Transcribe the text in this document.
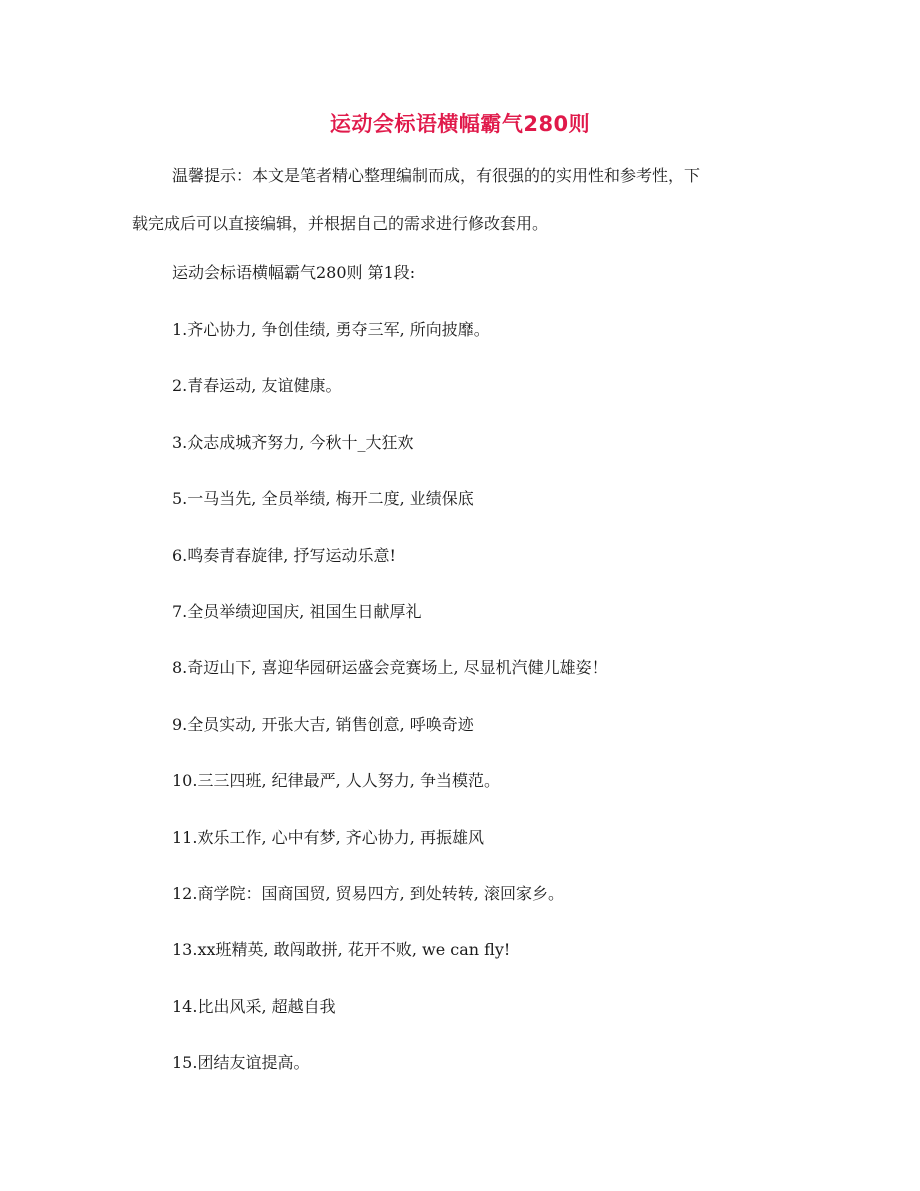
运动会标语横幅霸气280则
温馨提示：本文是笔者精心整理编制而成，有很强的的实用性和参考性，下
载完成后可以直接编辑，并根据自己的需求进行修改套用。
运动会标语横幅霸气280则 第1段:
1.齐心协力, 争创佳绩, 勇夺三军, 所向披靡。
2.青春运动, 友谊健康。
3.众志成城齐努力, 今秋十_大狂欢
5.一马当先, 全员举绩, 梅开二度, 业绩保底
6.鸣奏青春旋律, 抒写运动乐意!
7.全员举绩迎国庆, 祖国生日献厚礼
8.奇迈山下, 喜迎华园研运盛会竞赛场上, 尽显机汽健儿雄姿！
9.全员实动, 开张大吉, 销售创意, 呼唤奇迹
10.三三四班, 纪律最严, 人人努力, 争当模范。
11.欢乐工作, 心中有梦, 齐心协力, 再振雄风
12.商学院：国商国贸, 贸易四方, 到处转转, 滚回家乡。
13.xx班精英, 敢闯敢拼, 花开不败, we can fly!
14.比出风采, 超越自我
15.团结友谊提高。
